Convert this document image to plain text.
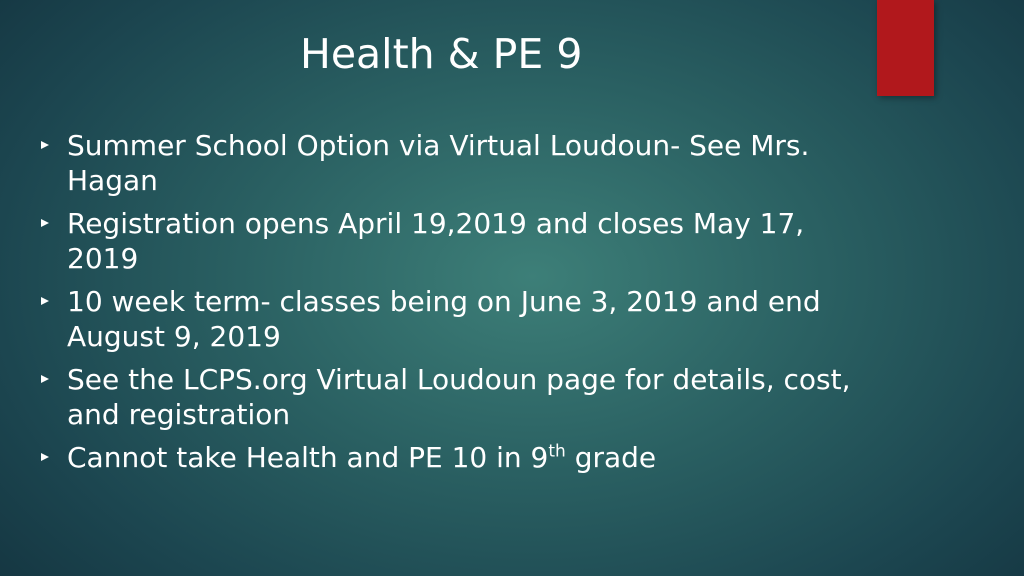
Health & PE 9
Summer School Option via Virtual Loudoun- See Mrs. Hagan
Registration opens April 19,2019 and closes May 17, 2019
10 week term- classes being on June 3, 2019 and end August 9, 2019
See the LCPS.org Virtual Loudoun page for details, cost, and registration
Cannot take Health and PE 10 in 9th grade
